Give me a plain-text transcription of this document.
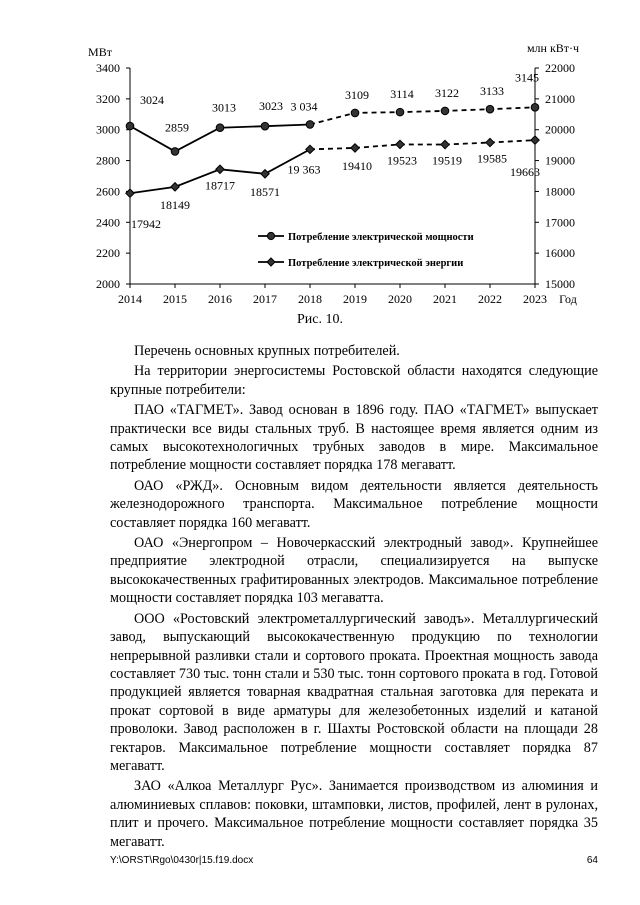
2000
2200
2400
2600
2800
3000
3200
3400
15000
16000
17000
18000
19000
20000
21000
22000
2014 2015 2016 2017 2018 2019 2020 2021 2022 2023
МВт	млн кВт·ч
Год
3024
2859
3013 3023 3 034
3109 3114 3122 3133
3145
17942
18149
18717 18571
19 363 19410 19523 19519 19585
19663
Потребление электрической мощности
Потребление электрической энергии
Рис. 10.

Перечень основных крупных потребителей.

На территории энергосистемы Ростовской области находятся следующие крупные потребители:

ПАО «ТАГМЕТ». Завод основан в 1896 году. ПАО «ТАГМЕТ» выпускает практически все виды стальных труб. В настоящее время является одним из самых высокотехнологичных трубных заводов в мире. Максимальное потребление мощности составляет порядка 178 мегаватт.

ОАО «РЖД». Основным видом деятельности является деятельность железнодорожного транспорта. Максимальное потребление мощности составляет порядка 160 мегаватт.

ОАО «Энергопром – Новочеркасский электродный завод». Крупнейшее предприятие электродной отрасли, специализируется на выпуске высококачественных графитированных электродов. Максимальное потребление мощности составляет порядка 103 мегаватта.

ООО «Ростовский электрометаллургический заводъ». Металлургический завод, выпускающий высококачественную продукцию по технологии непрерывной разливки стали и сортового проката. Проектная мощность завода составляет 730 тыс. тонн стали и 530 тыс. тонн сортового проката в год. Готовой продукцией является товарная квадратная стальная заготовка для переката и прокат сортовой в виде арматуры для железобетонных изделий и катаной проволоки. Завод расположен в г. Шахты Ростовской области на площади 28 гектаров. Максимальное потребление мощности составляет порядка 87 мегаватт.

ЗАО «Алкоа Металлург Рус». Занимается производством из алюминия и алюминиевых сплавов: поковки, штамповки, листов, профилей, лент в рулонах, плит и прочего. Максимальное потребление мощности составляет порядка 35 мегаватт.

Y:\ORST\Rgo\0430r|15.f19.docx	64
